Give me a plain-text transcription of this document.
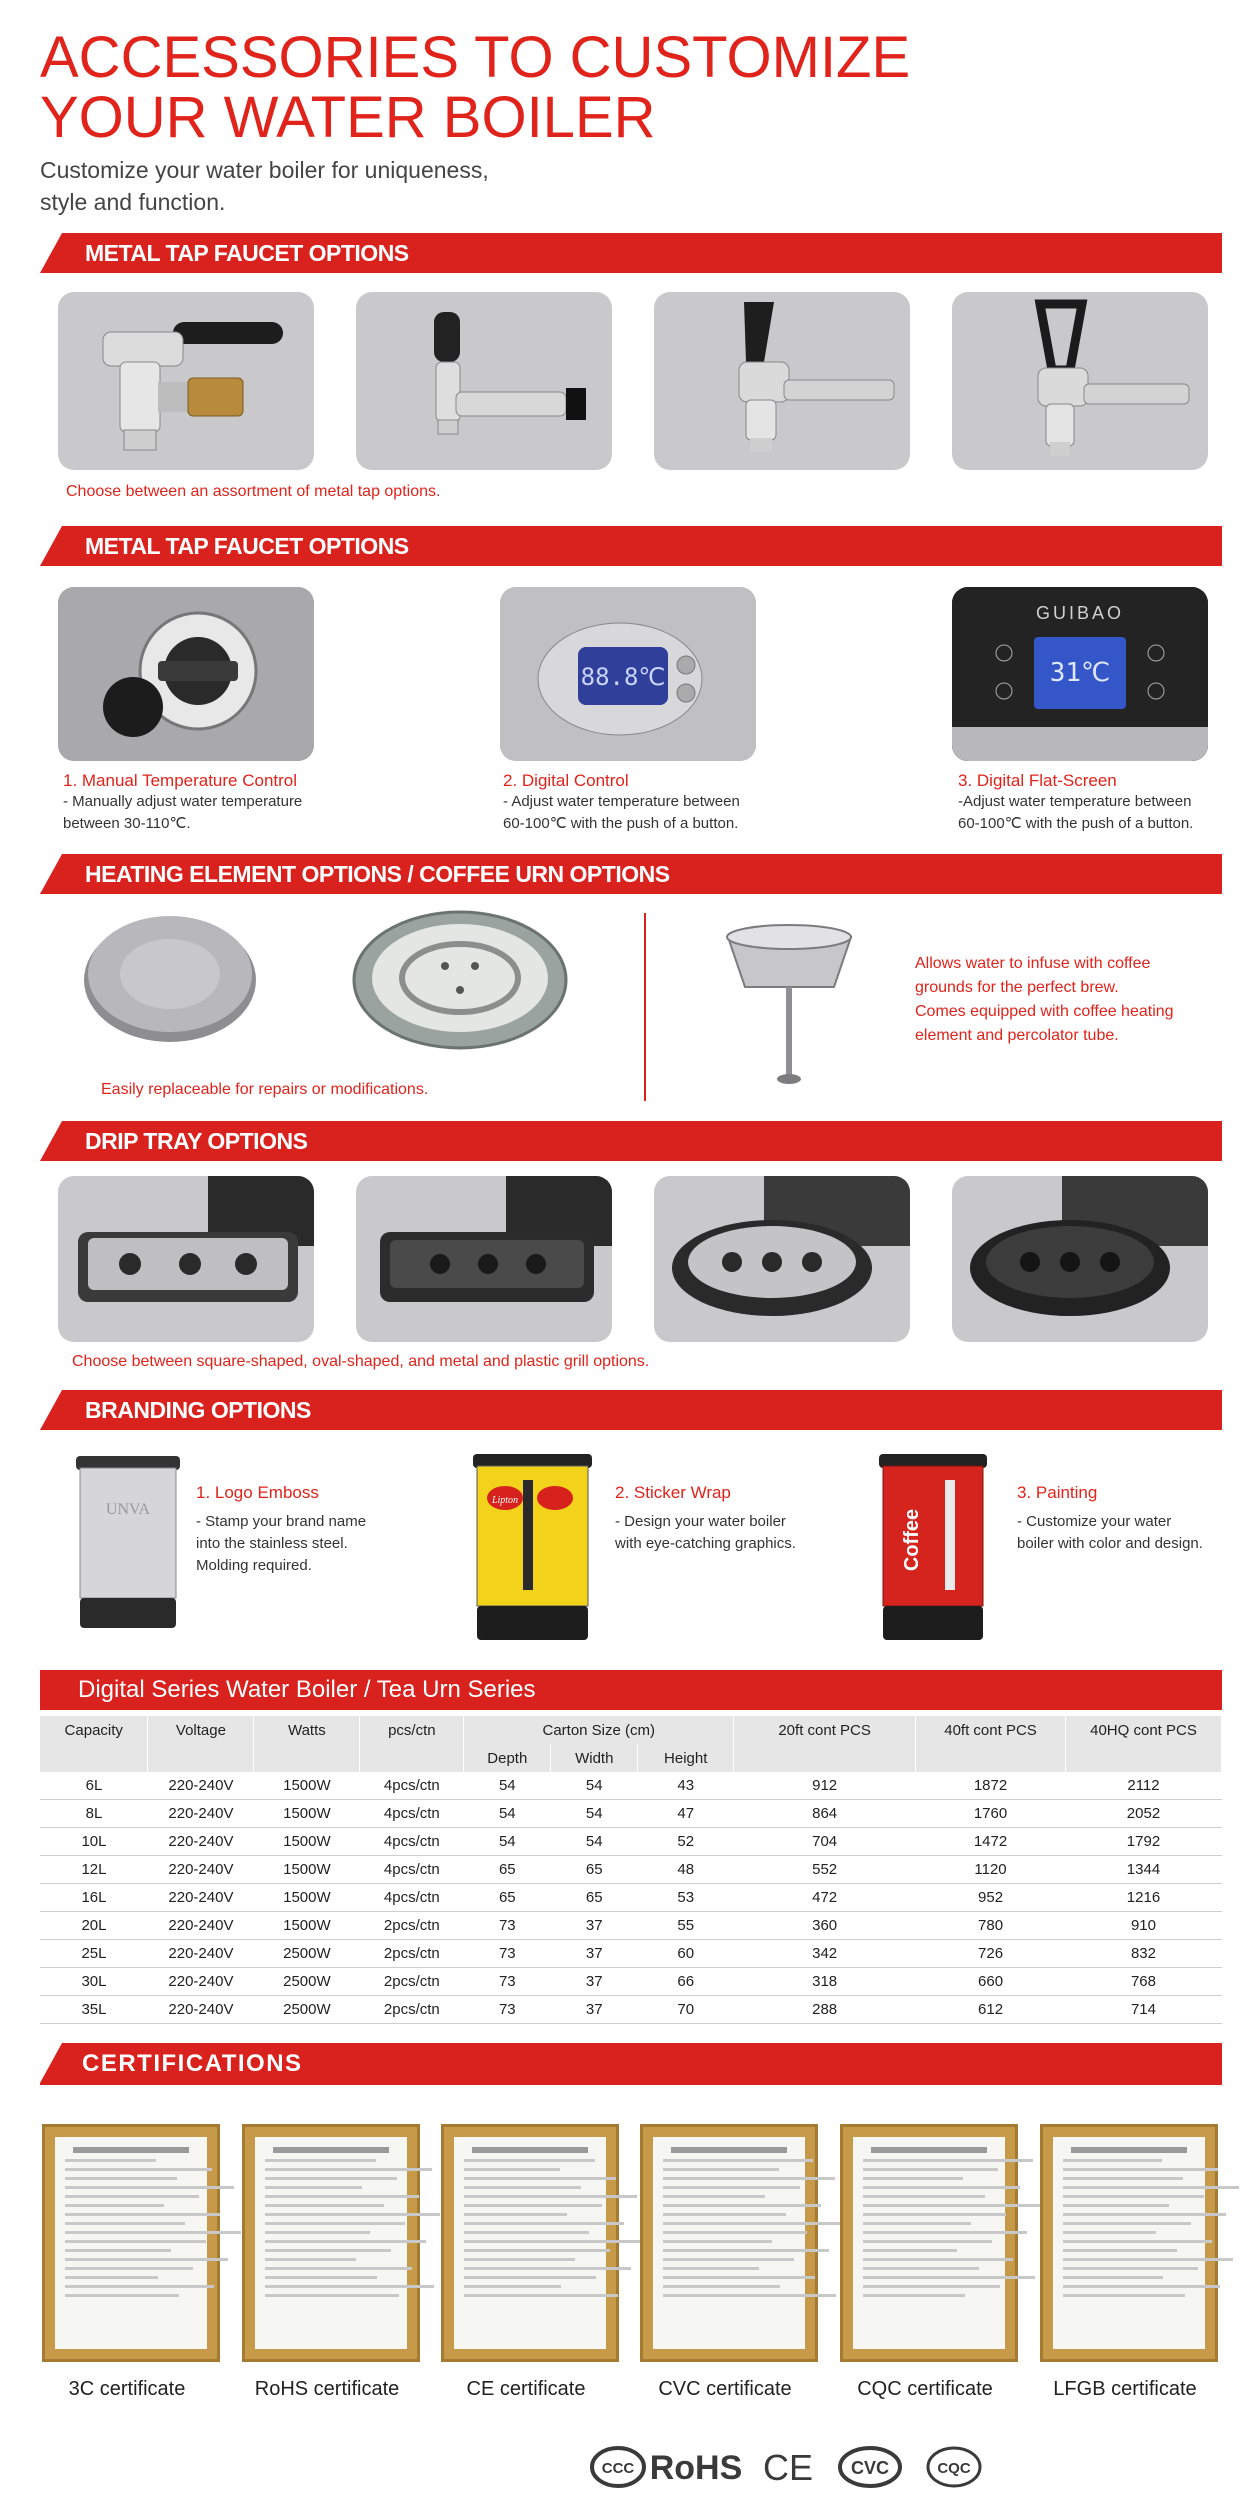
ACCESSORIES TO CUSTOMIZE
YOUR WATER BOILER
Customize your water boiler for uniqueness,
style and function.
METAL TAP FAUCET OPTIONS
Choose between an assortment of metal tap options.
METAL TAP FAUCET OPTIONS
88.8℃
GUIBAO
31℃
1. Manual Temperature Control
- Manually adjust water temperature
between 30-110℃.
2. Digital Control
- Adjust water temperature between
60-100℃ with the push of a button.
3. Digital Flat-Screen
-Adjust water temperature between
60-100℃ with the push of a button.
HEATING ELEMENT OPTIONS / COFFEE URN OPTIONS
Easily replaceable for repairs or modifications.
Allows water to infuse with coffee
grounds for the perfect brew.
Comes equipped with coffee heating
element and percolator tube.
DRIP TRAY OPTIONS
Choose between square-shaped, oval-shaped, and metal and plastic grill options.
BRANDING OPTIONS
UNVA
Lipton
Coffee
1. Logo Emboss
- Stamp your brand name
into the stainless steel.
Molding required.
2. Sticker Wrap
- Design your water boiler
with eye-catching graphics.
3. Painting
- Customize your water
boiler with color and design.
Digital Series Water Boiler / Tea Urn Series
Capacity	Voltage	Watts	pcs/ctn	Carton Size (cm)			20ft cont PCS	40ft cont PCS	40HQ cont PCS
				Depth	Width	Height			
6L	220-240V	1500W	4pcs/ctn	54	54	43	912	1872	2112
8L	220-240V	1500W	4pcs/ctn	54	54	47	864	1760	2052
10L	220-240V	1500W	4pcs/ctn	54	54	52	704	1472	1792
12L	220-240V	1500W	4pcs/ctn	65	65	48	552	1120	1344
16L	220-240V	1500W	4pcs/ctn	65	65	53	472	952	1216
20L	220-240V	1500W	2pcs/ctn	73	37	55	360	780	910
25L	220-240V	2500W	2pcs/ctn	73	37	60	342	726	832
30L	220-240V	2500W	2pcs/ctn	73	37	66	318	660	768
35L	220-240V	2500W	2pcs/ctn	73	37	70	288	612	714
CERTIFICATIONS
3C certificate	RoHS certificate	CE certificate	CVC certificate	CQC certificate	LFGB certificate
CCC RoHS CE CVC	CQC
